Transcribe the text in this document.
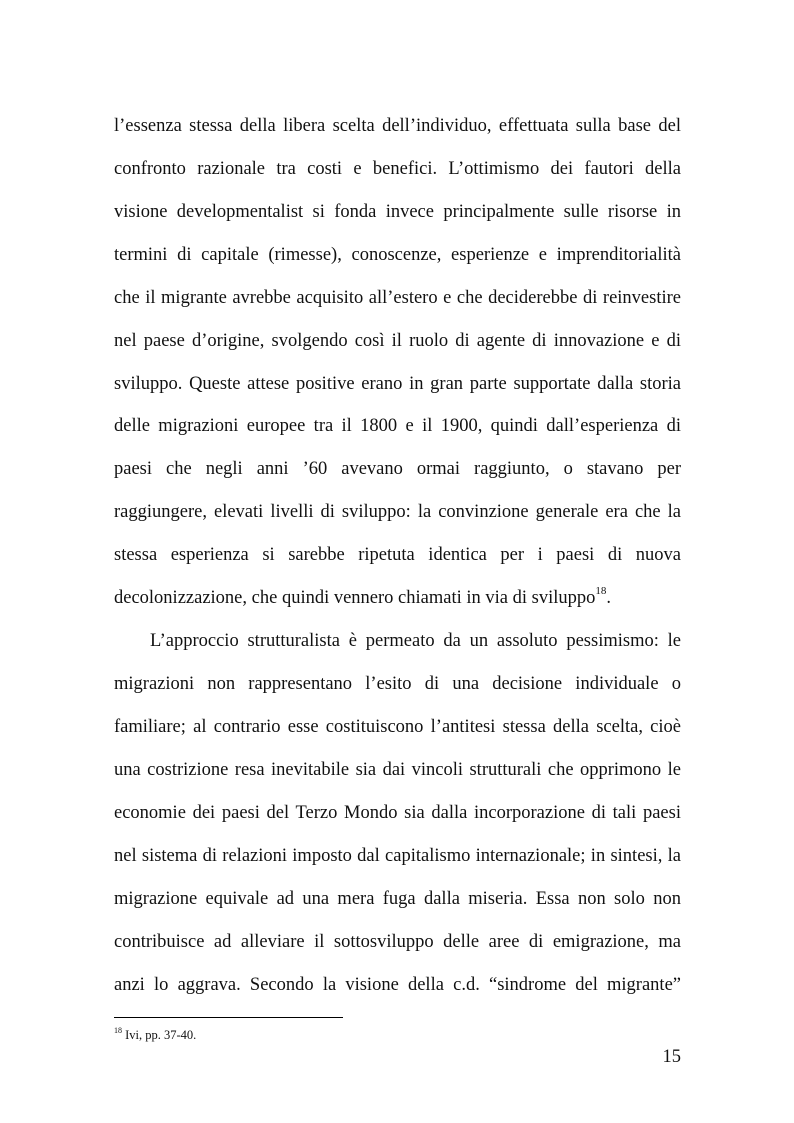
l’essenza stessa della libera scelta dell’individuo, effettuata sulla base del
confronto razionale tra costi e benefici. L’ottimismo dei fautori della
visione developmentalist si fonda invece principalmente sulle risorse in
termini di capitale (rimesse), conoscenze, esperienze e imprenditorialità
che il migrante avrebbe acquisito all’estero e che deciderebbe di reinvestire
nel paese d’origine, svolgendo così il ruolo di agente di innovazione e di
sviluppo. Queste attese positive erano in gran parte supportate dalla storia
delle migrazioni europee tra il 1800 e il 1900, quindi dall’esperienza di
paesi che negli anni ’60 avevano ormai raggiunto, o stavano per
raggiungere, elevati livelli di sviluppo: la convinzione generale era che la
stessa esperienza si sarebbe ripetuta identica per i paesi di nuova
decolonizzazione, che quindi vennero chiamati in via di sviluppo$^{18}$.
L’approccio strutturalista è permeato da un assoluto pessimismo: le
migrazioni non rappresentano l’esito di una decisione individuale o
familiare; al contrario esse costituiscono l’antitesi stessa della scelta, cioè
una costrizione resa inevitabile sia dai vincoli strutturali che opprimono le
economie dei paesi del Terzo Mondo sia dalla incorporazione di tali paesi
nel sistema di relazioni imposto dal capitalismo internazionale; in sintesi, la
migrazione equivale ad una mera fuga dalla miseria. Essa non solo non
contribuisce ad alleviare il sottosviluppo delle aree di emigrazione, ma
anzi lo aggrava. Secondo la visione della c.d. “sindrome del migrante”
$^{18}$ Ivi, pp. 37-40.
15
